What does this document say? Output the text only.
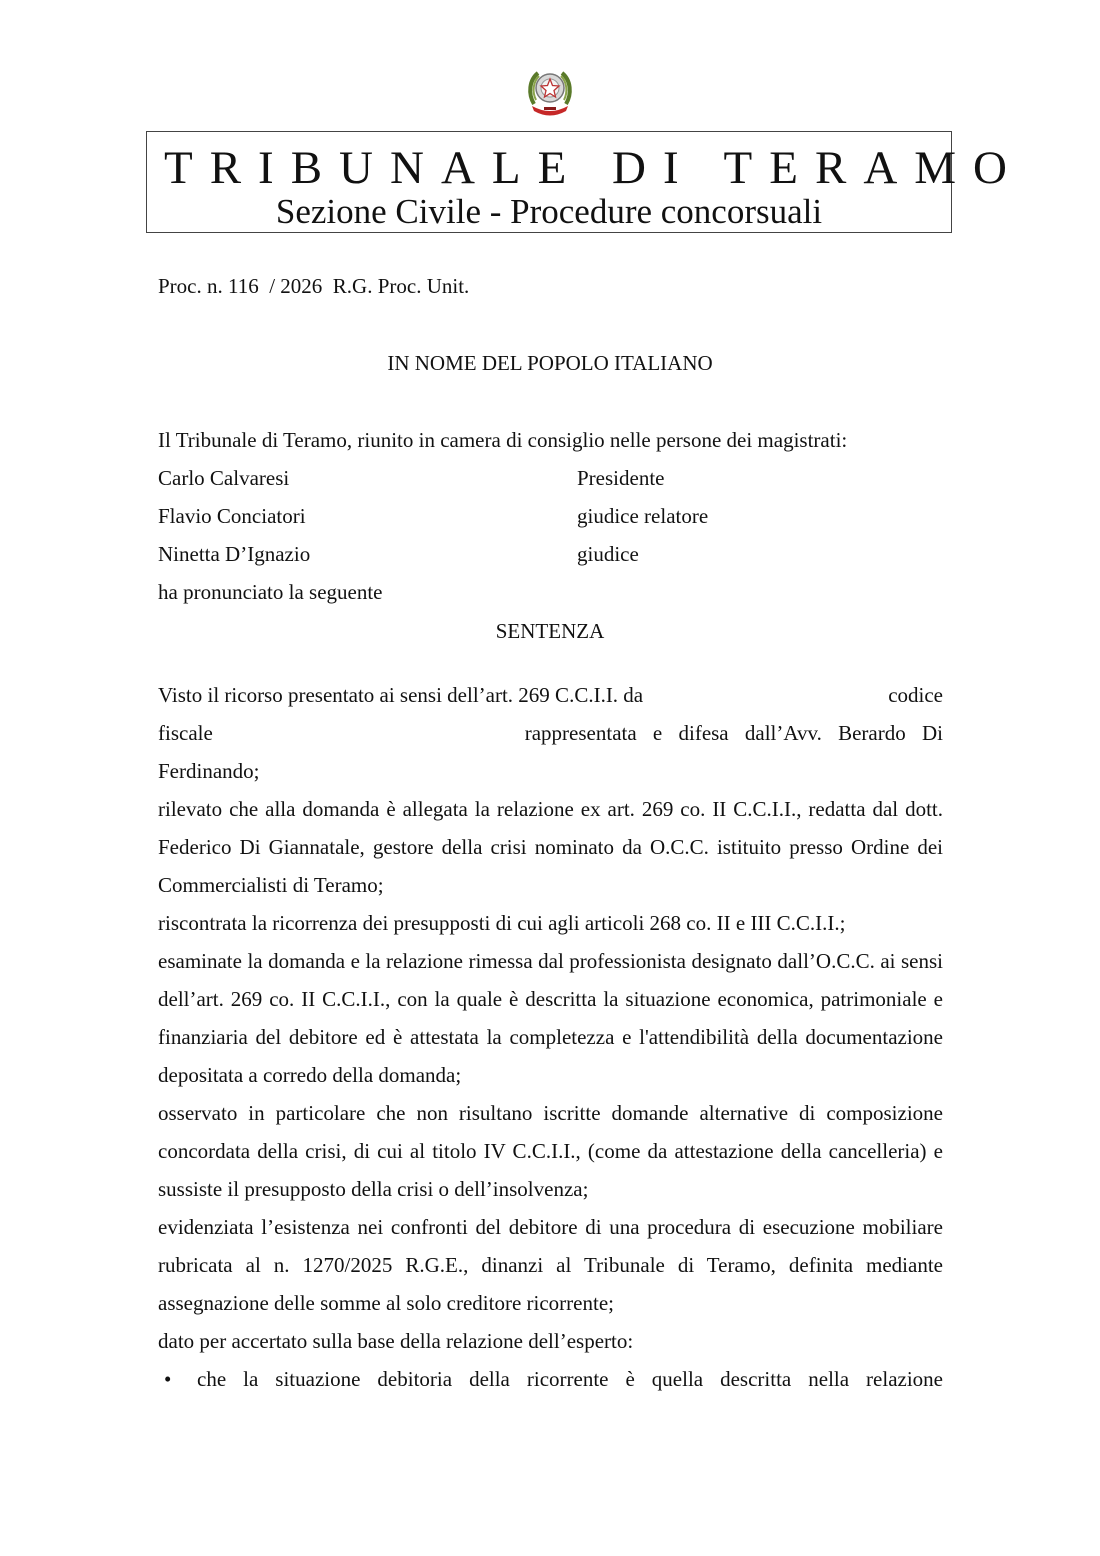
TRIBUNALE DI TERAMO
Sezione Civile - Procedure concorsuali
Proc. n. 116  / 2026  R.G. Proc. Unit.
IN NOME DEL POPOLO ITALIANO
Il Tribunale di Teramo, riunito in camera di consiglio nelle persone dei magistrati:
Carlo Calvaresi	Presidente
Flavio Conciatori	giudice relatore
Ninetta D’Ignazio	giudice
ha pronunciato la seguente
SENTENZA
Visto il ricorso presentato ai sensi dell’art. 269 C.C.I.I. da	codice
fiscale	rappresentata e difesa dall’Avv. Berardo Di
Ferdinando;

rilevato che alla domanda è allegata la relazione ex art. 269 co. II C.C.I.I., redatta dal dott. Federico Di Giannatale, gestore della crisi nominato da O.C.C. istituito presso Ordine dei Commercialisti di Teramo;

riscontrata la ricorrenza dei presupposti di cui agli articoli 268 co. II e III C.C.I.I.;

esaminate la domanda e la relazione rimessa dal professionista designato dall’O.C.C. ai sensi dell’art. 269 co. II C.C.I.I., con la quale è descritta la situazione economica, patrimoniale e finanziaria del debitore ed è attestata la completezza e l'attendibilità della documentazione depositata a corredo della domanda;

osservato in particolare che non risultano iscritte domande alternative di composizione concordata della crisi, di cui al titolo IV C.C.I.I., (come da attestazione della cancelleria) e sussiste il presupposto della crisi o dell’insolvenza;

evidenziata l’esistenza nei confronti del debitore di una procedura di esecuzione mobiliare rubricata al n. 1270/2025 R.G.E., dinanzi al Tribunale di Teramo, definita mediante assegnazione delle somme al solo creditore ricorrente;

dato per accertato sulla base della relazione dell’esperto:

• che la situazione debitoria della ricorrente è quella descritta nella relazione
